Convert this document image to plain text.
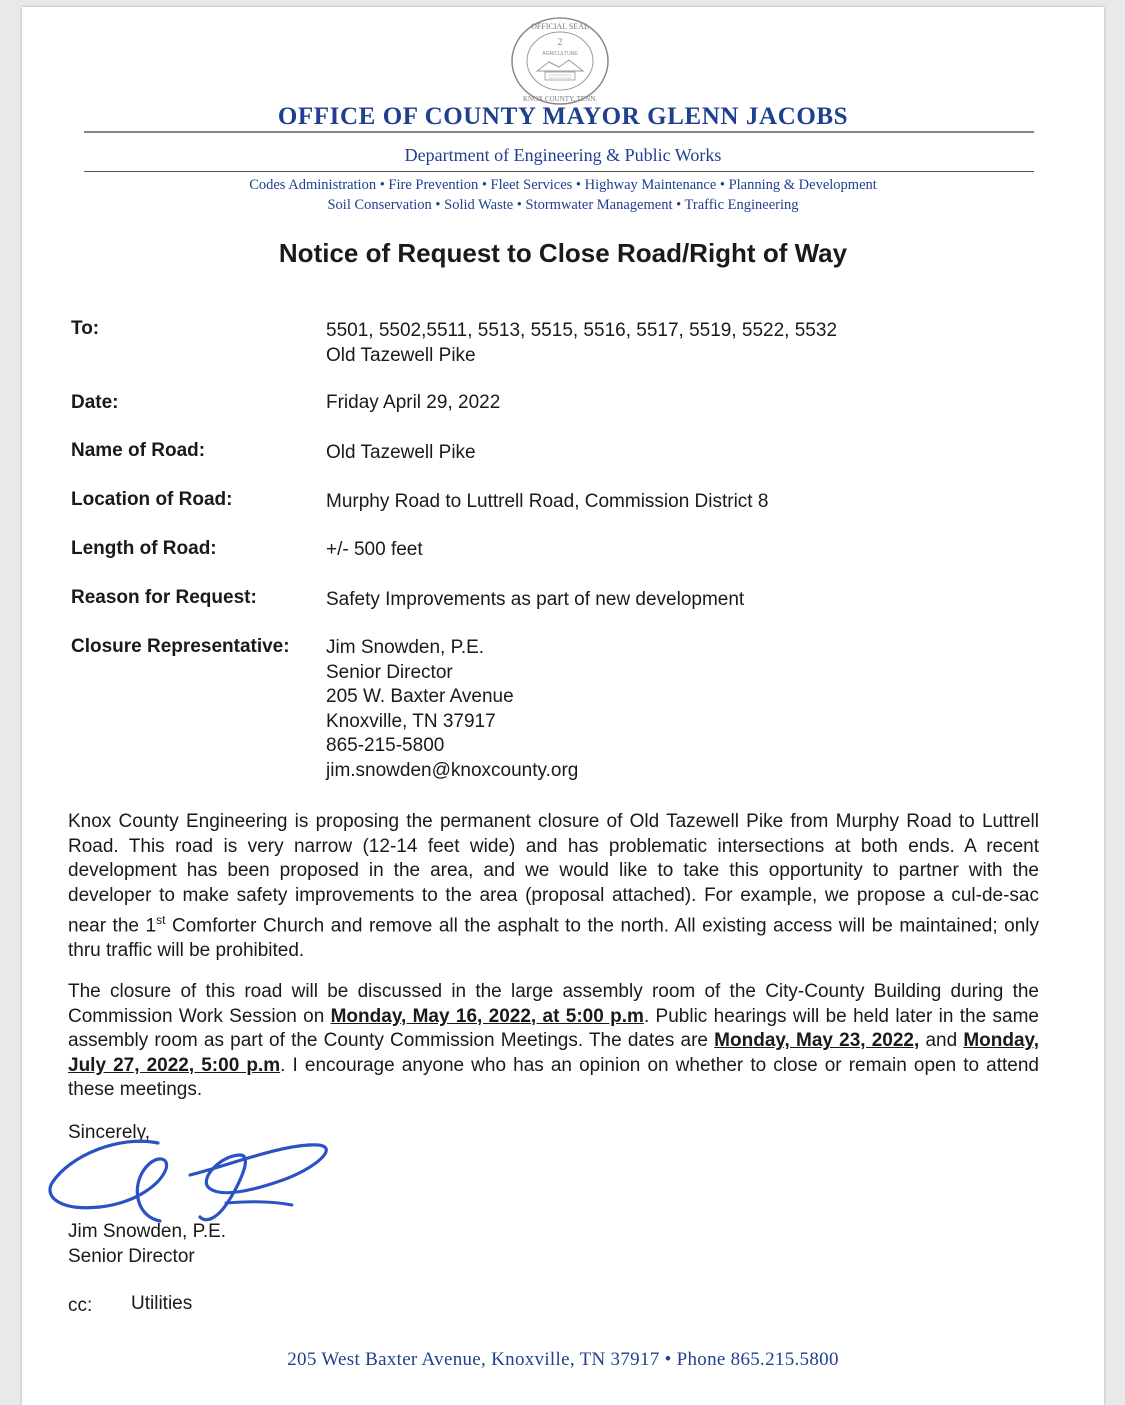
OFFICIAL SEAL
KNOX COUNTY, TENN.
2
AGRICULTURE
OFFICE OF COUNTY MAYOR GLENN JACOBS
Department of Engineering & Public Works
Codes Administration • Fire Prevention • Fleet Services • Highway Maintenance • Planning & Development
Soil Conservation • Solid Waste • Stormwater Management • Traffic Engineering
Notice of Request to Close Road/Right of Way
To:	5501, 5502,5511, 5513, 5515, 5516, 5517, 5519, 5522, 5532
Old Tazewell Pike
Date:	Friday April 29, 2022
Name of Road:	Old Tazewell Pike
Location of Road:	Murphy Road to Luttrell Road, Commission District 8
Length of Road:	+/- 500 feet
Reason for Request:	Safety Improvements as part of new development
Closure Representative: Jim Snowden, P.E.
Senior Director
205 W. Baxter Avenue
Knoxville, TN 37917
865-215-5800
jim.snowden@knoxcounty.org
Knox County Engineering is proposing the permanent closure of Old Tazewell Pike from Murphy Road to Luttrell Road. This road is very narrow (12-14 feet wide) and has problematic intersections at both ends. A recent development has been proposed in the area, and we would like to take this opportunity to partner with the developer to make safety improvements to the area (proposal attached). For example, we propose a cul-de-sac near the 1st Comforter Church and remove all the asphalt to the north. All existing access will be maintained; only thru traffic will be prohibited.
The closure of this road will be discussed in the large assembly room of the City-County Building during the Commission Work Session on Monday, May 16, 2022, at 5:00 p.m. Public hearings will be held later in the same assembly room as part of the County Commission Meetings. The dates are Monday, May 23, 2022, and Monday, July 27, 2022, 5:00 p.m. I encourage anyone who has an opinion on whether to close or remain open to attend these meetings.
Sincerely,
Jim Snowden, P.E.
Senior Director
cc: Utilities
205 West Baxter Avenue, Knoxville, TN 37917 • Phone 865.215.5800
